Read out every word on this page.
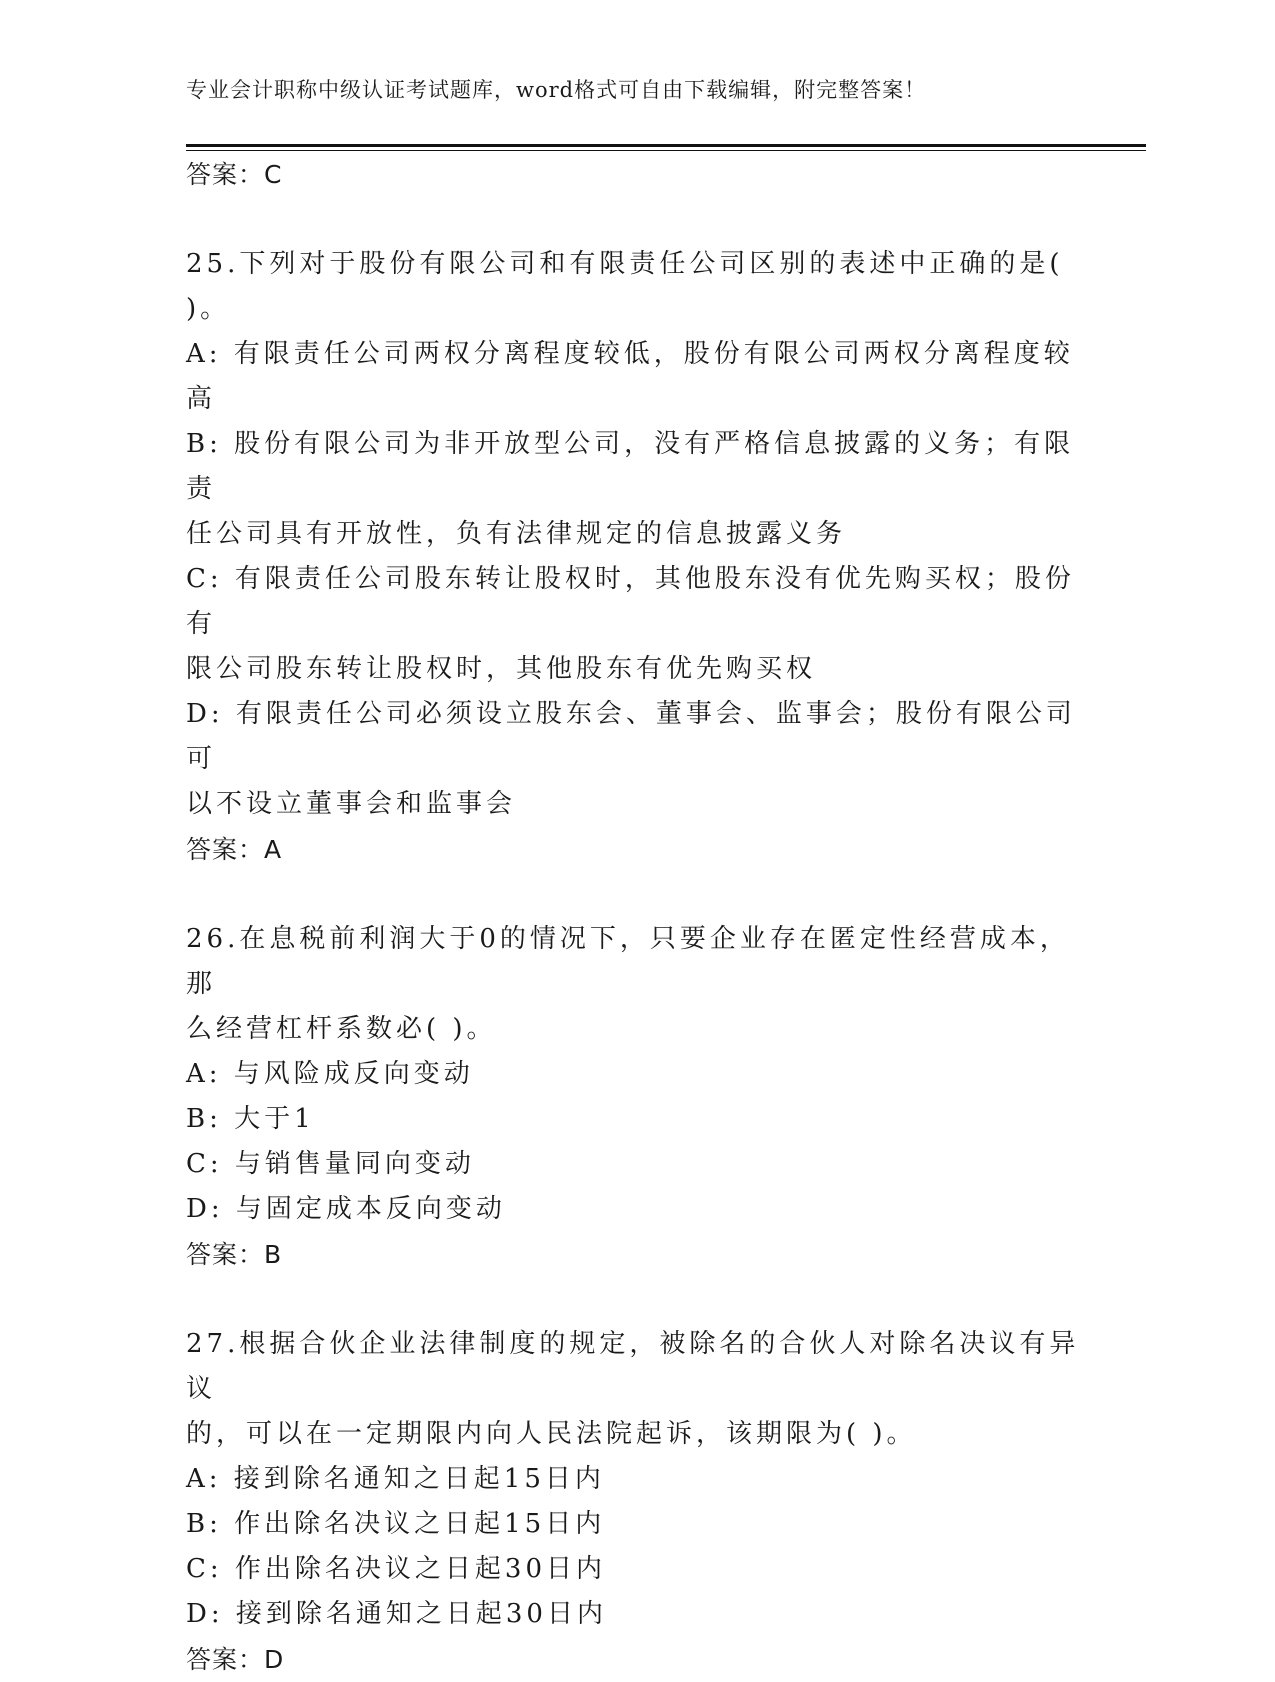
专业会计职称中级认证考试题库，word格式可自由下载编辑，附完整答案！
答案：C
25.下列对于股份有限公司和有限责任公司区别的表述中正确的是(
)。
A: 有限责任公司两权分离程度较低，股份有限公司两权分离程度较高
B: 股份有限公司为非开放型公司，没有严格信息披露的义务；有限责
任公司具有开放性，负有法律规定的信息披露义务
C: 有限责任公司股东转让股权时，其他股东没有优先购买权；股份有
限公司股东转让股权时，其他股东有优先购买权
D: 有限责任公司必须设立股东会、董事会、监事会；股份有限公司可
以不设立董事会和监事会
答案：A
26.在息税前利润大于0的情况下，只要企业存在匿定性经营成本，那
么经营杠杆系数必( )。
A: 与风险成反向变动
B: 大于1
C: 与销售量同向变动
D: 与固定成本反向变动
答案：B
27.根据合伙企业法律制度的规定，被除名的合伙人对除名决议有异议
的，可以在一定期限内向人民法院起诉，该期限为( )。
A: 接到除名通知之日起15日内
B: 作出除名决议之日起15日内
C: 作出除名决议之日起30日内
D: 接到除名通知之日起30日内
答案：D
